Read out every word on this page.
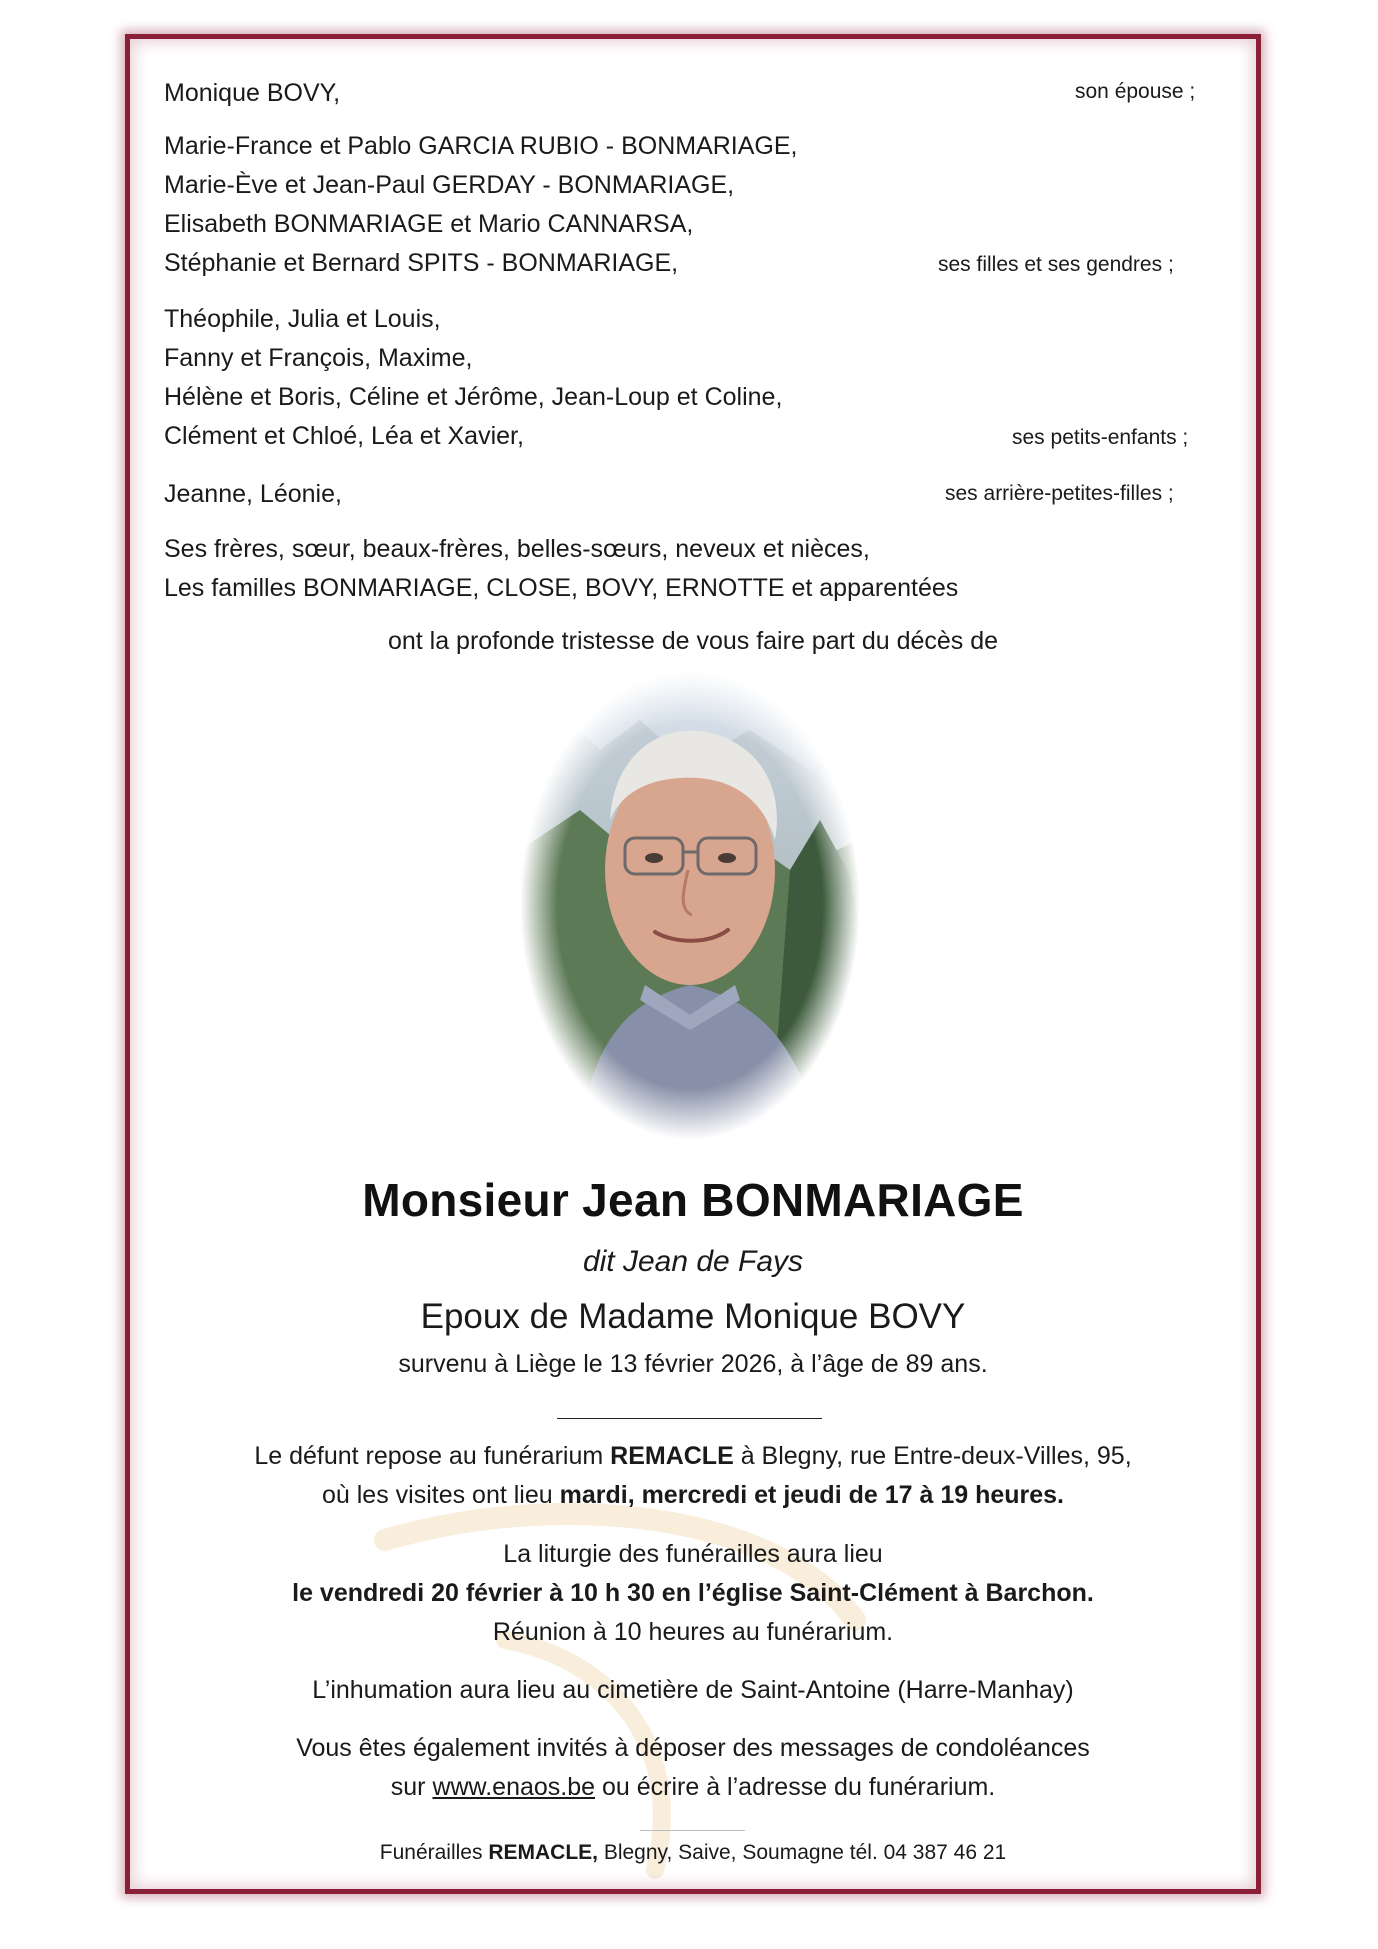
Monique BOVY,	son épouse ;

Marie-France et Pablo GARCIA RUBIO - BONMARIAGE,
Marie-Ève et Jean-Paul GERDAY - BONMARIAGE,
Elisabeth BONMARIAGE et Mario CANNARSA,
Stéphanie et Bernard SPITS - BONMARIAGE,	ses filles et ses gendres ;

Théophile, Julia et Louis,
Fanny et François, Maxime,
Hélène et Boris, Céline et Jérôme, Jean-Loup et Coline,
Clément et Chloé, Léa et Xavier,	ses petits-enfants ;

Jeanne, Léonie,	ses arrière-petites-filles ;

Ses frères, sœur, beaux-frères, belles-sœurs, neveux et nièces,
Les familles BONMARIAGE, CLOSE, BOVY, ERNOTTE et apparentées

ont la profonde tristesse de vous faire part du décès de

Monsieur Jean BONMARIAGE

dit Jean de Fays

Epoux de Madame Monique BOVY

survenu à Liège le 13 février 2026, à l’âge de 89 ans.

Le défunt repose au funérarium REMACLE à Blegny, rue Entre-deux-Villes, 95,

où les visites ont lieu mardi, mercredi et jeudi de 17 à 19 heures.

La liturgie des funérailles aura lieu

le vendredi 20 février à 10 h 30 en l’église Saint-Clément à Barchon.

Réunion à 10 heures au funérarium.

L’inhumation aura lieu au cimetière de Saint-Antoine (Harre-Manhay)

Vous êtes également invités à déposer des messages de condoléances

sur www.enaos.be ou écrire à l’adresse du funérarium.

Funérailles REMACLE, Blegny, Saive, Soumagne tél. 04 387 46 21
